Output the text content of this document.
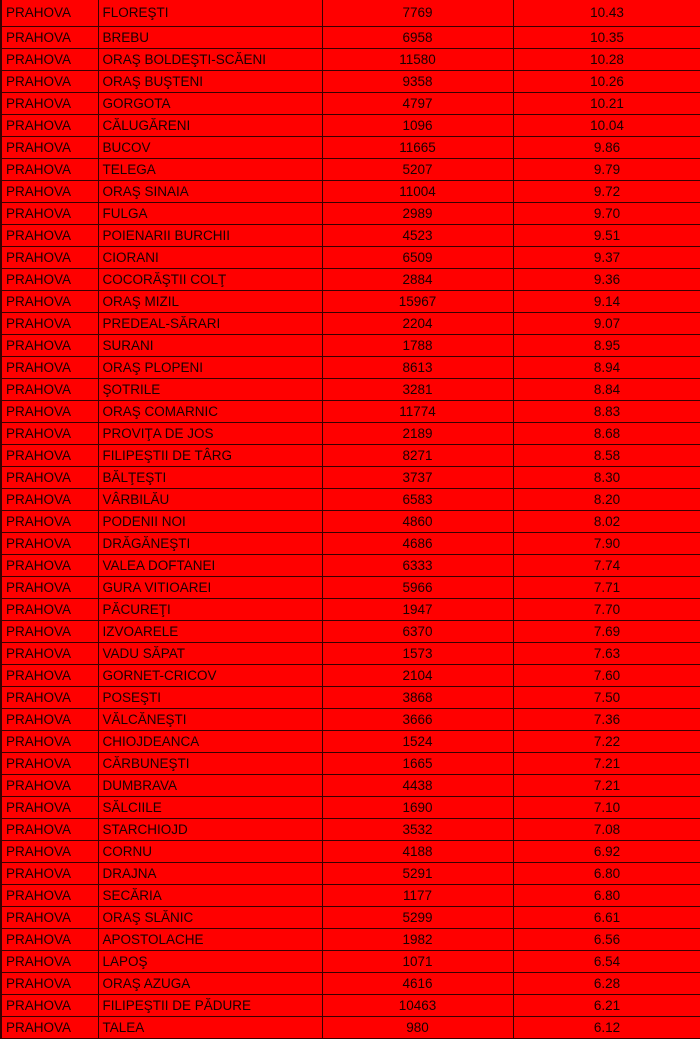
PRAHOVA	FLOREŞTI	7769	10.43
PRAHOVA	BREBU	6958	10.35
PRAHOVA	ORAŞ BOLDEŞTI-SCĂENI	11580	10.28
PRAHOVA	ORAŞ BUŞTENI	9358	10.26
PRAHOVA	GORGOTA	4797	10.21
PRAHOVA	CĂLUGĂRENI	1096	10.04
PRAHOVA	BUCOV	11665	9.86
PRAHOVA	TELEGA	5207	9.79
PRAHOVA	ORAŞ SINAIA	11004	9.72
PRAHOVA	FULGA	2989	9.70
PRAHOVA	POIENARII BURCHII	4523	9.51
PRAHOVA	CIORANI	6509	9.37
PRAHOVA	COCORĂŞTII COLŢ	2884	9.36
PRAHOVA	ORAŞ MIZIL	15967	9.14
PRAHOVA	PREDEAL-SĂRARI	2204	9.07
PRAHOVA	SURANI	1788	8.95
PRAHOVA	ORAŞ PLOPENI	8613	8.94
PRAHOVA	ŞOTRILE	3281	8.84
PRAHOVA	ORAŞ COMARNIC	11774	8.83
PRAHOVA	PROVIŢA DE JOS	2189	8.68
PRAHOVA	FILIPEŞTII DE TÂRG	8271	8.58
PRAHOVA	BĂLŢEŞTI	3737	8.30
PRAHOVA	VÂRBILĂU	6583	8.20
PRAHOVA	PODENII NOI	4860	8.02
PRAHOVA	DRĂGĂNEŞTI	4686	7.90
PRAHOVA	VALEA DOFTANEI	6333	7.74
PRAHOVA	GURA VITIOAREI	5966	7.71
PRAHOVA	PĂCUREŢI	1947	7.70
PRAHOVA	IZVOARELE	6370	7.69
PRAHOVA	VADU SĂPAT	1573	7.63
PRAHOVA	GORNET-CRICOV	2104	7.60
PRAHOVA	POSEŞTI	3868	7.50
PRAHOVA	VĂLCĂNEŞTI	3666	7.36
PRAHOVA	CHIOJDEANCA	1524	7.22
PRAHOVA	CĂRBUNEŞTI	1665	7.21
PRAHOVA	DUMBRAVA	4438	7.21
PRAHOVA	SĂLCIILE	1690	7.10
PRAHOVA	STARCHIOJD	3532	7.08
PRAHOVA	CORNU	4188	6.92
PRAHOVA	DRAJNA	5291	6.80
PRAHOVA	SECĂRIA	1177	6.80
PRAHOVA	ORAŞ SLĂNIC	5299	6.61
PRAHOVA	APOSTOLACHE	1982	6.56
PRAHOVA	LAPOŞ	1071	6.54
PRAHOVA	ORAŞ AZUGA	4616	6.28
PRAHOVA	FILIPEŞTII DE PĂDURE	10463	6.21
PRAHOVA	TALEA	980	6.12
